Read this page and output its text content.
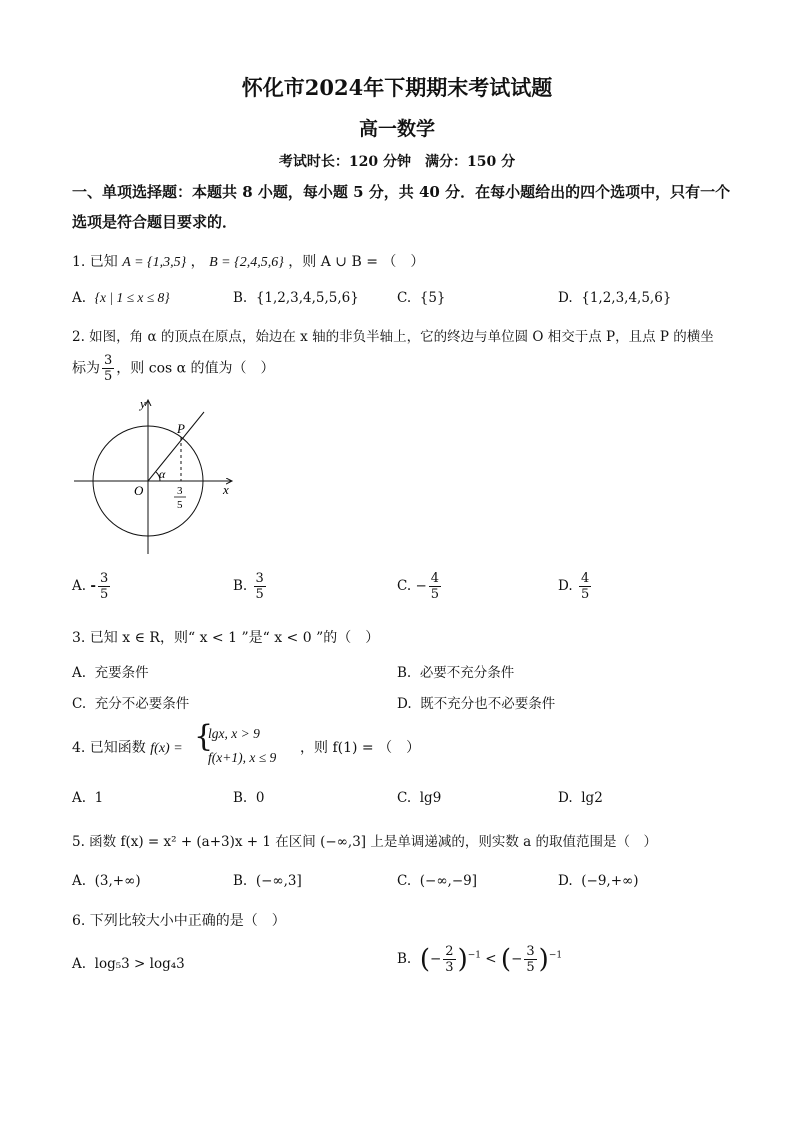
怀化市2024年下期期末考试试题
高一数学
考试时长：120 分钟　满分：150 分
一、单项选择题：本题共 8 小题，每小题 5 分，共 40 分．在每小题给出的四个选项中，只有一个选项是符合题目要求的．
1. 已知 A = {1,3,5} ， B = {2,4,5,6} ，则 A ∪ B = （　）
A. {x | 1 ≤ x ≤ 8}	B. {1,2,3,4,5,5,6}	C. {5}	D. {1,2,3,4,5,6}
2. 如图，角 α 的顶点在原点，始边在 x 轴的非负半轴上，它的终边与单位圆 O 相交于点 P，且点 P 的横坐
标为 $\frac{3}{5}$ ，则 cos α 的值为（　）
y
x
O
P
α
3
5
A. - $\frac{3}{5}$	B. $\frac{3}{5}$	C. − $\frac{4}{5}$	D. $\frac{4}{5}$
3. 已知 x ∈ R，则“ x < 1 ”是“ x < 0 ”的（　）
A. 充要条件	B. 必要不充分条件
C. 充分不必要条件	D. 既不充分也不必要条件
4. 已知函数 f(x) = {
lgx, x > 9
f(x+1), x ≤ 9
，则 f(1) = （　）
A. 1	B. 0	C. lg9	D. lg2
5. 函数 f(x) = x² + (a+3)x + 1 在区间 (−∞,3] 上是单调递减的，则实数 a 的取值范围是（　）
A. (3,+∞)	B. (−∞,3]	C. (−∞,−9]	D. (−9,+∞)
6. 下列比较大小中正确的是（　）
A. log₅3 > log₄3	B. (− $\frac{2}{3} )^{-1}$ < (− $\frac{3}{5} )^{-1}$
